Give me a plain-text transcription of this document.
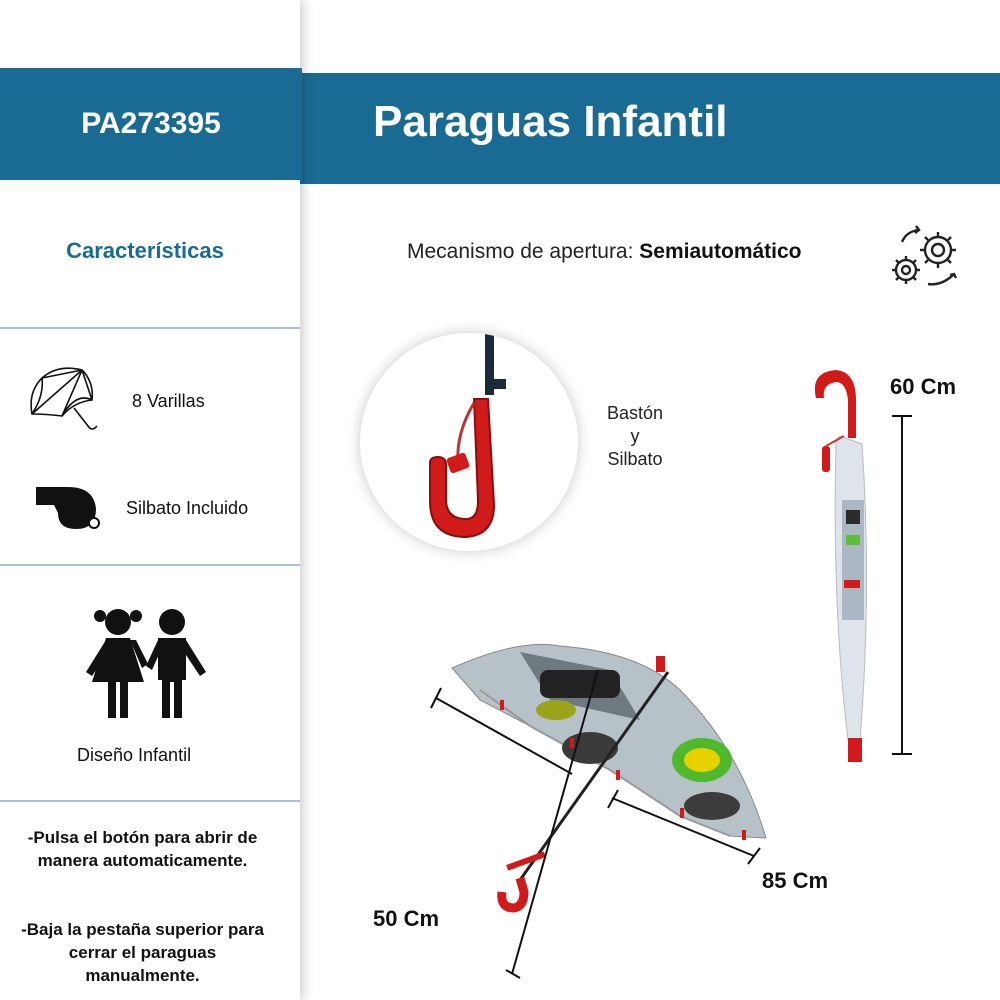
Características
8 Varillas
Silbato Incluido
Diseño Infantil
-Pulsa el botón para abrir de manera automaticamente.
-Baja la pestaña superior para cerrar el paraguas manualmente.
PA273395	Paraguas Infantil
Mecanismo de apertura: Semiautomático
Bastón
y
Silbato
60 Cm
50 Cm
85 Cm
